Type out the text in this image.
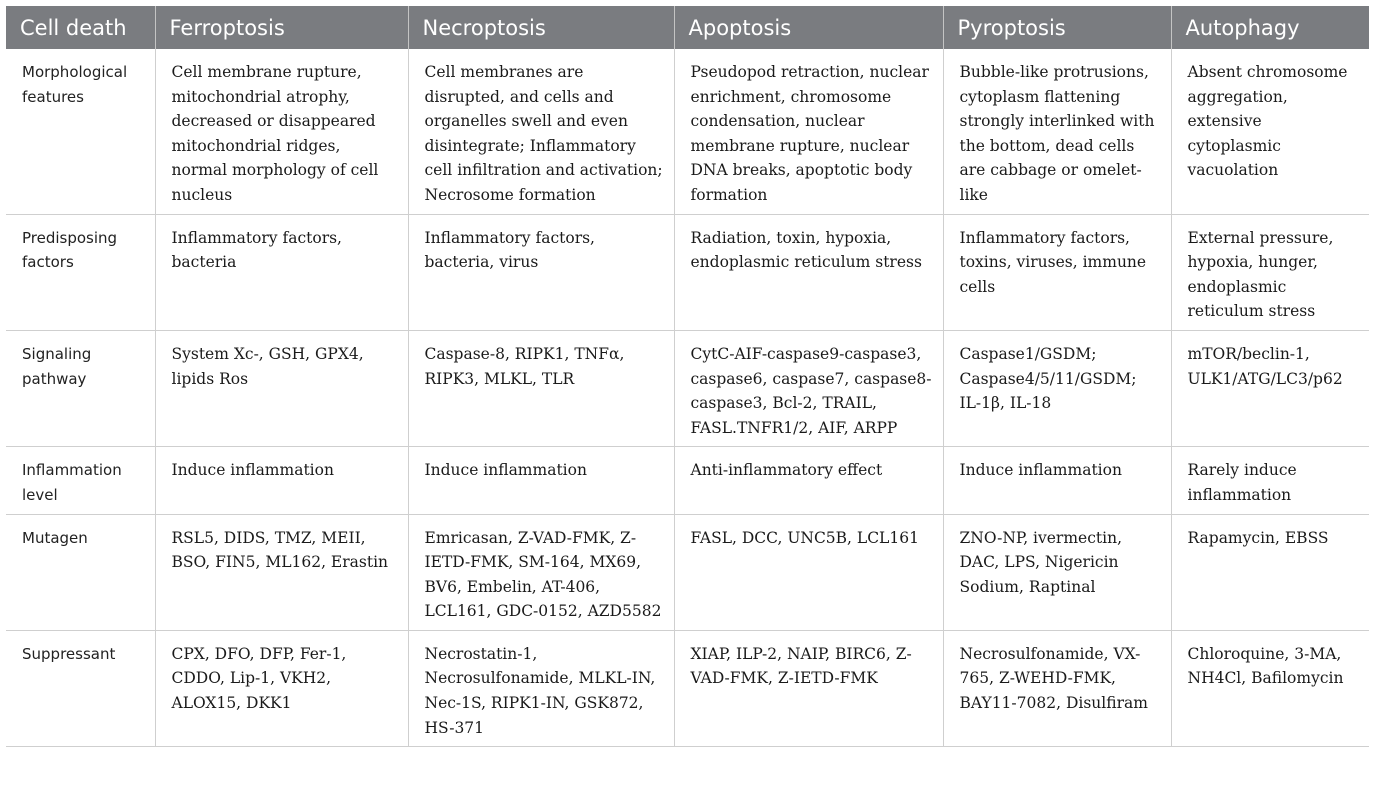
Cell death	Ferroptosis	Necroptosis	Apoptosis	Pyroptosis	Autophagy
Morphological features	Cell membrane rupture, mitochondrial atrophy, decreased or disappeared mitochondrial ridges, normal morphology of cell nucleus	Cell membranes are disrupted, and cells and organelles swell and even disintegrate; Inflammatory cell infiltration and activation; Necrosome formation	Pseudopod retraction, nuclear enrichment, chromosome condensation, nuclear membrane rupture, nuclear DNA breaks, apoptotic body formation	Bubble-like protrusions, cytoplasm flattening strongly interlinked with the bottom, dead cells are cabbage or omelet-like	Absent chromosome aggregation, extensive cytoplasmic vacuolation
Predisposing factors	Inflammatory factors, bacteria	Inflammatory factors, bacteria, virus	Radiation, toxin, hypoxia, endoplasmic reticulum stress	Inflammatory factors, toxins, viruses, immune cells	External pressure, hypoxia, hunger, endoplasmic reticulum stress
Signaling pathway	System Xc-, GSH, GPX4, lipids Ros	Caspase-8, RIPK1, TNFα, RIPK3, MLKL, TLR	CytC-AIF-caspase9-caspase3, caspase6, caspase7, caspase8-caspase3, Bcl-2, TRAIL, FASL.TNFR1/2, AIF, ARPP	Caspase1/GSDM; Caspase4/5/11/GSDM; IL-1β, IL-18	mTOR/beclin-1, ULK1/ATG/LC3/p62
Inflammation level	Induce inflammation	Induce inflammation	Anti-inflammatory effect	Induce inflammation	Rarely induce inflammation
Mutagen	RSL5, DIDS, TMZ, MEII, BSO, FIN5, ML162, Erastin	Emricasan, Z-VAD-FMK, Z-IETD-FMK, SM-164, MX69, BV6, Embelin, AT-406, LCL161, GDC-0152, AZD5582	FASL, DCC, UNC5B, LCL161	ZNO-NP, ivermectin, DAC, LPS, Nigericin Sodium, Raptinal	Rapamycin, EBSS
Suppressant	CPX, DFO, DFP, Fer-1, CDDO, Lip-1, VKH2, ALOX15, DKK1	Necrostatin-1, Necrosulfonamide, MLKL-IN, Nec-1S, RIPK1-IN, GSK872, HS-371	XIAP, ILP-2, NAIP, BIRC6, Z-VAD-FMK, Z-IETD-FMK	Necrosulfonamide, VX-765, Z-WEHD-FMK, BAY11-7082, Disulfiram	Chloroquine, 3-MA, NH4Cl, Bafilomycin
